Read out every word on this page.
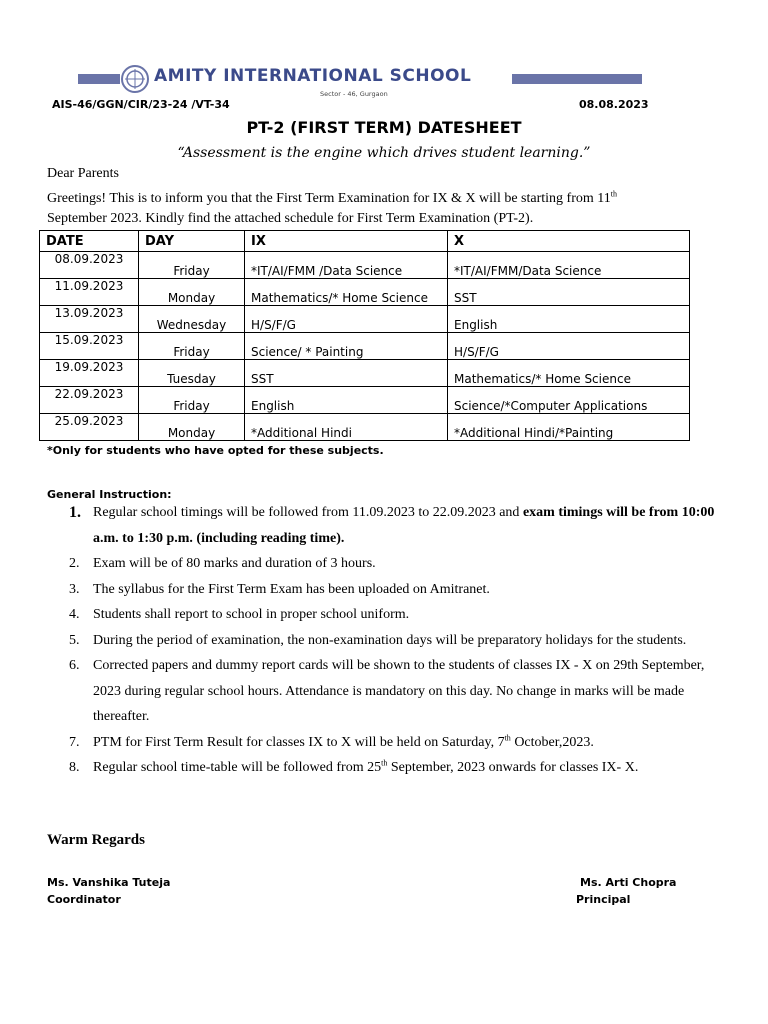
AMITY INTERNATIONAL SCHOOL
Sector - 46, Gurgaon
AIS-46/GGN/CIR/23-24 /VT-34	08.08.2023
PT-2 (FIRST TERM) DATESHEET
“Assessment is the engine which drives student learning.”
Dear Parents
Greetings! This is to inform you that the First Term Examination for IX & X will be starting from 11th
September 2023. Kindly find the attached schedule for First Term Examination (PT-2).
DATE	DAY	IX	X
08.09.2023	Friday	*IT/AI/FMM /Data Science	*IT/AI/FMM/Data Science
11.09.2023	Monday	Mathematics/* Home Science	SST
13.09.2023	Wednesday	H/S/F/G	English
15.09.2023	Friday	Science/ * Painting	H/S/F/G
19.09.2023	Tuesday	SST	Mathematics/* Home Science
22.09.2023	Friday	English	Science/*Computer Applications
25.09.2023	Monday	*Additional Hindi	*Additional Hindi/*Painting
*Only for students who have opted for these subjects.
General Instruction:
1. Regular school timings will be followed from 11.09.2023 to 22.09.2023 and exam timings will be from 10:00 a.m. to 1:30 p.m. (including reading time).
2. Exam will be of 80 marks and duration of 3 hours.
3. The syllabus for the First Term Exam has been uploaded on Amitranet.
4. Students shall report to school in proper school uniform.
5. During the period of examination, the non-examination days will be preparatory holidays for the students.
6. Corrected papers and dummy report cards will be shown to the students of classes IX - X on 29th September, 2023 during regular school hours. Attendance is mandatory on this day. No change in marks will be made thereafter.
7. PTM for First Term Result for classes IX to X will be held on Saturday, 7th October,2023.
8. Regular school time-table will be followed from 25th September, 2023 onwards for classes IX- X.
Warm Regards
Ms. Vanshika Tuteja
Coordinator
Ms. Arti Chopra
Principal
